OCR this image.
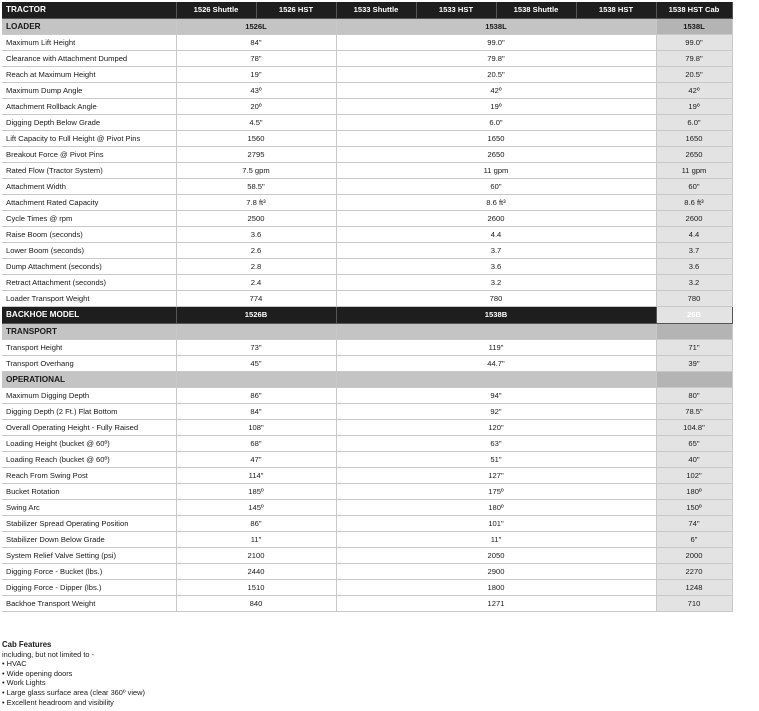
TRACTOR	1526 Shuttle	1526 HST	1533 Shuttle	1533 HST	1538 Shuttle	1538 HST	1538 HST Cab
LOADER	1526L		1538L				1538L
Maximum Lift Height	84"		99.0"				99.0"
Clearance with Attachment Dumped	78"		79.8"				79.8"
Reach at Maximum Height	19"		20.5"				20.5"
Maximum Dump Angle	43º		42º				42º
Attachment Rollback Angle	20º		19º				19º
Digging Depth Below Grade	4.5"		6.0"				6.0"
Lift Capacity to Full Height @ Pivot Pins	1560		1650				1650
Breakout Force @ Pivot Pins	2795		2650				2650
Rated Flow (Tractor System)	7.5 gpm		11 gpm				11 gpm
Attachment Width	58.5"		60"				60"
Attachment Rated Capacity	7.8 ft³		8.6 ft³				8.6 ft³
Cycle Times @ rpm	2500		2600				2600
Raise Boom (seconds)	3.6		4.4				4.4
Lower Boom (seconds)	2.6		3.7				3.7
Dump Attachment (seconds)	2.8		3.6				3.6
Retract Attachment (seconds)	2.4		3.2				3.2
Loader Transport Weight	774		780				780
BACKHOE MODEL	1526B		1538B				26B
TRANSPORT							
Transport Height	73"		119"				71"
Transport Overhang	45"		44.7"				39"
OPERATIONAL							
Maximum Digging Depth	86"		94"				80"
Digging Depth (2 Ft.) Flat Bottom	84"		92"				78.5"
Overall Operating Height - Fully Raised	108"		120"				104.8"
Loading Height (bucket @ 60º)	68"		63"				65"
Loading Reach (bucket @ 60º)	47"		51"				40"
Reach From Swing Post	114"		127"				102"
Bucket Rotation	185º		175º				180º
Swing Arc	145º		180º				150º
Stabilizer Spread Operating Position	86"		101"				74"
Stabilizer Down Below Grade	11"		11"				6"
System Relief Valve Setting (psi)	2100		2050				2000
Digging Force - Bucket (lbs.)	2440		2900				2270
Digging Force - Dipper (lbs.)	1510		1800				1248
Backhoe Transport Weight	840		1271				710
Cab Features
including, but not limited to -
• HVAC
• Wide opening doors
• Work Lights
• Large glass surface area (clear 360º view)
• Excellent headroom and visibility
